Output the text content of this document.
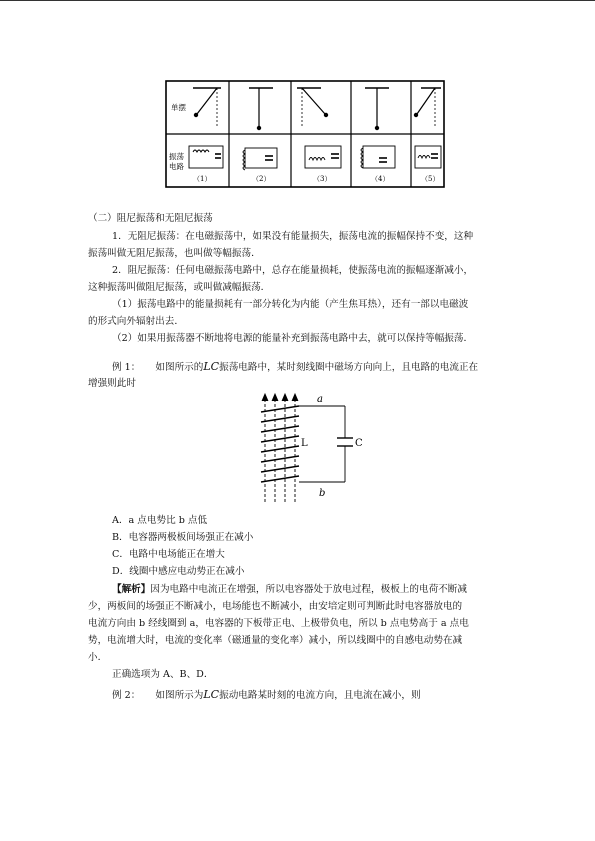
单摆
振荡
电路
（1）	（2）	（3）	（4）	（5）
（二）阻尼振荡和无阻尼振荡
1．无阻尼振荡：在电磁振荡中，如果没有能量损失，振荡电流的振幅保持不变，这种
振荡叫做无阻尼振荡，也叫做等幅振荡．
2．阻尼振荡：任何电磁振荡电路中，总存在能量损耗，使振荡电流的振幅逐渐减小，
这种振荡叫做阻尼振荡，或叫做减幅振荡．
（1）振荡电路中的能量损耗有一部分转化为内能（产生焦耳热），还有一部以电磁波
的形式向外辐射出去．
（2）如果用振荡器不断地将电源的能量补充到振荡电路中去，就可以保持等幅振荡．
例 1： 如图所示的LC振荡电路中，某时刻线圈中磁场方向向上，且电路的电流正在
增强则此时
a
b
L	C
A．a 点电势比 b 点低
B．电容器两极板间场强正在减小
C．电路中电场能正在增大
D．线圈中感应电动势正在减小
【解析】因为电路中电流正在增强，所以电容器处于放电过程，极板上的电荷不断减
少，两板间的场强正不断减小，电场能也不断减小，由安培定则可判断此时电容器放电的
电流方向由 b 经线圈到 a，电容器的下板带正电、上极带负电，所以 b 点电势高于 a 点电
势，电流增大时，电流的变化率（磁通量的变化率）减小，所以线圈中的自感电动势在减
小．
正确选项为 A、B、D．
例 2： 如图所示为LC振动电路某时刻的电流方向，且电流在减小，则
